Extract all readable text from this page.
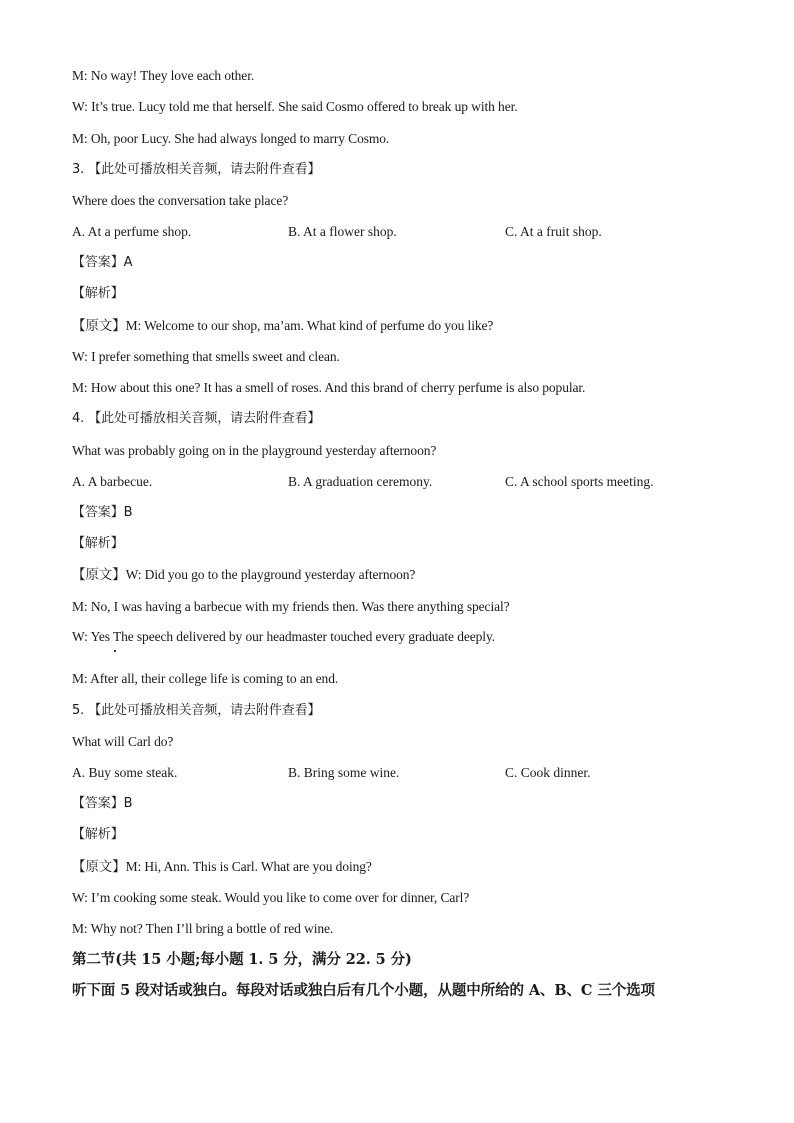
M: No way! They love each other.
W: It’s true. Lucy told me that herself. She said Cosmo offered to break up with her.
M: Oh, poor Lucy. She had always longed to marry Cosmo.
3. 【此处可播放相关音频，请去附件查看】
Where does the conversation take place?
A. At a perfume shop.	B. At a flower shop.	C. At a fruit shop.
【答案】A
【解析】
【原文】M: Welcome to our shop, ma’am. What kind of perfume do you like?
W: I prefer something that smells sweet and clean.
M: How about this one? It has a smell of roses. And this brand of cherry perfume is also popular.
4. 【此处可播放相关音频，请去附件查看】
What was probably going on in the playground yesterday afternoon?
A. A barbecue.	B. A graduation ceremony.	C. A school sports meeting.
【答案】B
【解析】
【原文】W: Did you go to the playground yesterday afternoon?
M: No, I was having a barbecue with my friends then. Was there anything special?
W: Yes The speech delivered by our headmaster touched every graduate deeply.
M: After all, their college life is coming to an end.
5. 【此处可播放相关音频，请去附件查看】
What will Carl do?
A. Buy some steak.	B. Bring some wine.	C. Cook dinner.
【答案】B
【解析】
【原文】M: Hi, Ann. This is Carl. What are you doing?
W: I’m cooking some steak. Would you like to come over for dinner, Carl?
M: Why not? Then I’ll bring a bottle of red wine.
第二节(共 15 小题;每小题 1. 5 分，满分 22. 5 分)
听下面 5 段对话或独白。每段对话或独白后有几个小题，从题中所给的 A、B、C 三个选项
